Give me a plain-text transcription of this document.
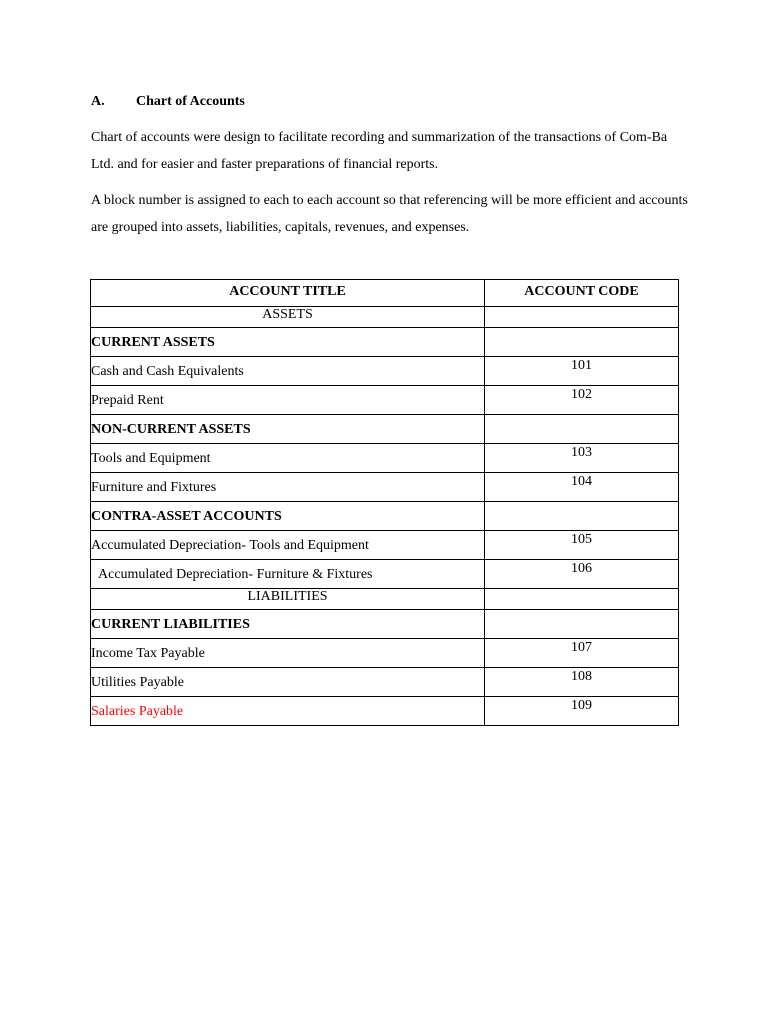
A. Chart of Accounts

Chart of accounts were design to facilitate recording and summarization of the transactions of Com-Ba Ltd. and for easier and faster preparations of financial reports.

A block number is assigned to each to each account so that referencing will be more efficient and accounts are grouped into assets, liabilities, capitals, revenues, and expenses.

ACCOUNT TITLE	ACCOUNT CODE
ASSETS	

CURRENT ASSETS	

Cash and Cash Equivalents	101

Prepaid Rent	102

NON-CURRENT ASSETS	

Tools and Equipment	103

Furniture and Fixtures	104

CONTRA-ASSET ACCOUNTS	

Accumulated Depreciation- Tools and Equipment	105

Accumulated Depreciation- Furniture & Fixtures	106

LIABILITIES	

CURRENT LIABILITIES	

Income Tax Payable	107

Utilities Payable	108

Salaries Payable	109
